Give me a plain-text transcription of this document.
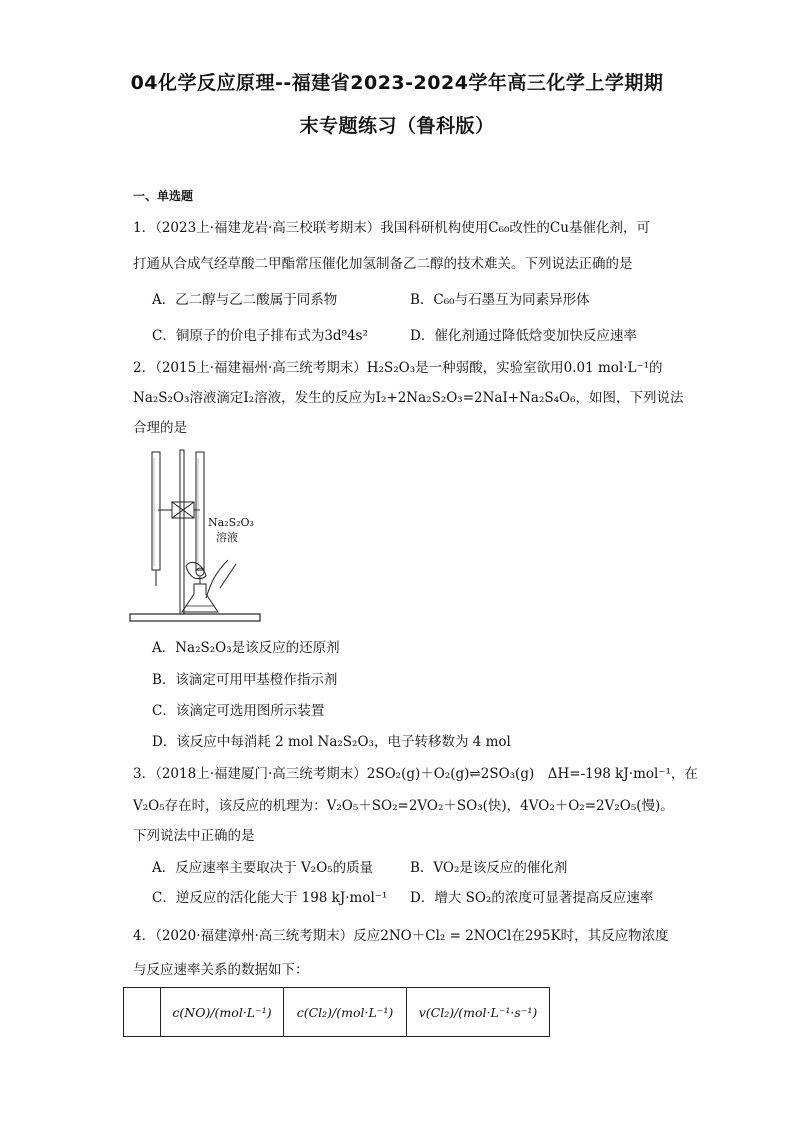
04化学反应原理--福建省2023-2024学年高三化学上学期期
末专题练习（鲁科版）
一、单选题
1．（2023上·福建龙岩·高三校联考期末）我国科研机构使用C₆₀改性的Cu基催化剂，可
打通从合成气经草酸二甲酯常压催化加氢制备乙二醇的技术难关。下列说法正确的是
A．乙二醇与乙二酸属于同系物	B．C₆₀与石墨互为同素异形体
C．铜原子的价电子排布式为3d⁹4s²	D．催化剂通过降低焓变加快反应速率
2．（2015上·福建福州·高三统考期末）H₂S₂O₃是一种弱酸，实验室欲用0.01 mol·L⁻¹的
Na₂S₂O₃溶液滴定I₂溶液，发生的反应为I₂+2Na₂S₂O₃=2NaI+Na₂S₄O₆，如图，下列说法
合理的是
Na₂S₂O₃
溶液
A．Na₂S₂O₃是该反应的还原剂
B．该滴定可用甲基橙作指示剂
C．该滴定可选用图所示装置
D．该反应中每消耗 2 mol Na₂S₂O₃，电子转移数为 4 mol
3．（2018上·福建厦门·高三统考期末）2SO₂(g)＋O₂(g)⇌2SO₃(g)　ΔH=-198 kJ·mol⁻¹，在
V₂O₅存在时，该反应的机理为：V₂O₅＋SO₂=2VO₂＋SO₃(快)，4VO₂＋O₂=2V₂O₅(慢)。
下列说法中正确的是
A．反应速率主要取决于 V₂O₅的质量	B．VO₂是该反应的催化剂
C．逆反应的活化能大于 198 kJ·mol⁻¹ D．增大 SO₂的浓度可显著提高反应速率
4．（2020·福建漳州·高三统考期末）反应2NO＋Cl₂ = 2NOCl在295K时，其反应物浓度
与反应速率关系的数据如下：
	c(NO)/(mol·L⁻¹)	c(Cl₂)/(mol·L⁻¹)	v(Cl₂)/(mol·L⁻¹·s⁻¹)
